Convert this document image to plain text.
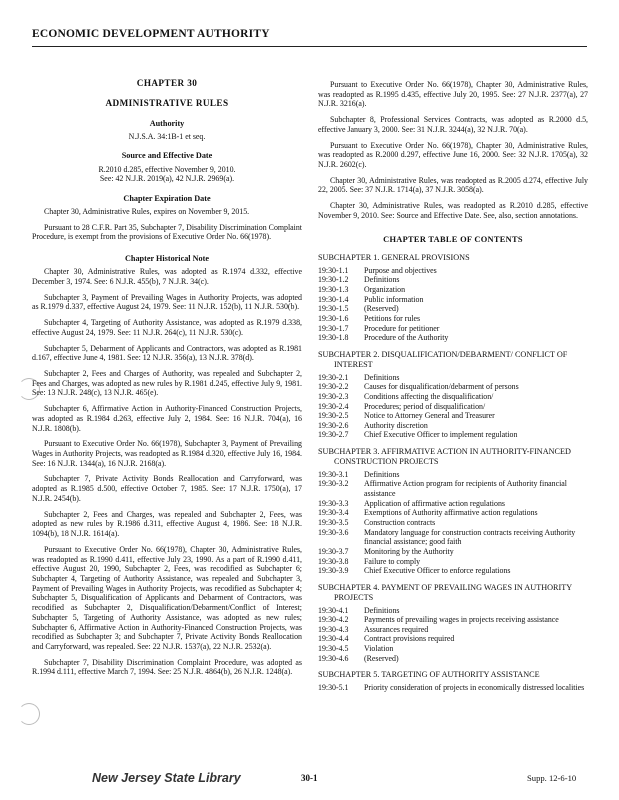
ECONOMIC DEVELOPMENT AUTHORITY
CHAPTER 30
ADMINISTRATIVE RULES
Authority
N.J.S.A. 34:1B-1 et seq.
Source and Effective Date
R.2010 d.285, effective November 9, 2010.
See: 42 N.J.R. 2019(a), 42 N.J.R. 2969(a).
Chapter Expiration Date

Chapter 30, Administrative Rules, expires on November 9, 2015.

Pursuant to 28 C.F.R. Part 35, Subchapter 7, Disability Discrimination Complaint Procedure, is exempt from the provisions of Executive Order No. 66(1978).

Chapter Historical Note

Chapter 30, Administrative Rules, was adopted as R.1974 d.332, effective December 3, 1974. See: 6 N.J.R. 455(b), 7 N.J.R. 34(c).

Subchapter 3, Payment of Prevailing Wages in Authority Projects, was adopted as R.1979 d.337, effective August 24, 1979. See: 11 N.J.R. 152(b), 11 N.J.R. 530(b).

Subchapter 4, Targeting of Authority Assistance, was adopted as R.1979 d.338, effective August 24, 1979. See: 11 N.J.R. 264(c), 11 N.J.R. 530(c).

Subchapter 5, Debarment of Applicants and Contractors, was adopted as R.1981 d.167, effective June 4, 1981. See: 12 N.J.R. 356(a), 13 N.J.R. 378(d).

Subchapter 2, Fees and Charges of Authority, was repealed and Subchapter 2, Fees and Charges, was adopted as new rules by R.1981 d.245, effective July 9, 1981. See: 13 N.J.R. 248(c), 13 N.J.R. 465(e).

Subchapter 6, Affirmative Action in Authority-Financed Construction Projects, was adopted as R.1984 d.263, effective July 2, 1984. See: 16 N.J.R. 704(a), 16 N.J.R. 1808(b).

Pursuant to Executive Order No. 66(1978), Subchapter 3, Payment of Prevailing Wages in Authority Projects, was readopted as R.1984 d.320, effective July 16, 1984. See: 16 N.J.R. 1344(a), 16 N.J.R. 2168(a).

Subchapter 7, Private Activity Bonds Reallocation and Carryforward, was adopted as R.1985 d.500, effective October 7, 1985. See: 17 N.J.R. 1750(a), 17 N.J.R. 2454(b).

Subchapter 2, Fees and Charges, was repealed and Subchapter 2, Fees, was adopted as new rules by R.1986 d.311, effective August 4, 1986. See: 18 N.J.R. 1094(b), 18 N.J.R. 1614(a).

Pursuant to Executive Order No. 66(1978), Chapter 30, Administrative Rules, was readopted as R.1990 d.411, effective July 23, 1990. As a part of R.1990 d.411, effective August 20, 1990, Subchapter 2, Fees, was recodified as Subchapter 6; Subchapter 4, Targeting of Authority Assistance, was repealed and Subchapter 3, Payment of Prevailing Wages in Authority Projects, was recodified as Subchapter 4; Subchapter 5, Disqualification of Applicants and Debarment of Contractors, was recodified as Subchapter 2, Disqualification/Debarment/Conflict of Interest; Subchapter 5, Targeting of Authority Assistance, was adopted as new rules; Subchapter 6, Affirmative Action in Authority-Financed Construction Projects, was recodified as Subchapter 3; and Subchapter 7, Private Activity Bonds Reallocation and Carryforward, was repealed. See: 22 N.J.R. 1537(a), 22 N.J.R. 2532(a).

Subchapter 7, Disability Discrimination Complaint Procedure, was adopted as R.1994 d.111, effective March 7, 1994. See: 25 N.J.R. 4864(b), 26 N.J.R. 1248(a).

Pursuant to Executive Order No. 66(1978), Chapter 30, Administrative Rules, was readopted as R.1995 d.435, effective July 20, 1995. See: 27 N.J.R. 2377(a), 27 N.J.R. 3216(a).

Subchapter 8, Professional Services Contracts, was adopted as R.2000 d.5, effective January 3, 2000. See: 31 N.J.R. 3244(a), 32 N.J.R. 70(a).

Pursuant to Executive Order No. 66(1978), Chapter 30, Administrative Rules, was readopted as R.2000 d.297, effective June 16, 2000. See: 32 N.J.R. 1705(a), 32 N.J.R. 2602(c).

Chapter 30, Administrative Rules, was readopted as R.2005 d.274, effective July 22, 2005. See: 37 N.J.R. 1714(a), 37 N.J.R. 3058(a).

Chapter 30, Administrative Rules, was readopted as R.2010 d.285, effective November 9, 2010. See: Source and Effective Date. See, also, section annotations.

CHAPTER TABLE OF CONTENTS
SUBCHAPTER 1. GENERAL PROVISIONS
19:30-1.1	Purpose and objectives
19:30-1.2	Definitions
19:30-1.3	Organization
19:30-1.4	Public information
19:30-1.5	(Reserved)
19:30-1.6	Petitions for rules
19:30-1.7	Procedure for petitioner
19:30-1.8	Procedure of the Authority
SUBCHAPTER 2. DISQUALIFICATION/DEBARMENT/ CONFLICT OF INTEREST
19:30-2.1	Definitions
19:30-2.2	Causes for disqualification/debarment of persons
19:30-2.3	Conditions affecting the disqualification/
19:30-2.4	Procedures; period of disqualification/
19:30-2.5	Notice to Attorney General and Treasurer
19:30-2.6	Authority discretion
19:30-2.7	Chief Executive Officer to implement regulation
SUBCHAPTER 3. AFFIRMATIVE ACTION IN AUTHORITY-FINANCED CONSTRUCTION PROJECTS
19:30-3.1	Definitions
19:30-3.2	Affirmative Action program for recipients of Authority financial assistance
19:30-3.3	Application of affirmative action regulations
19:30-3.4	Exemptions of Authority affirmative action regulations
19:30-3.5	Construction contracts
19:30-3.6	Mandatory language for construction contracts receiving Authority financial assistance; good faith
19:30-3.7	Monitoring by the Authority
19:30-3.8	Failure to comply
19:30-3.9	Chief Executive Officer to enforce regulations
SUBCHAPTER 4. PAYMENT OF PREVAILING WAGES IN AUTHORITY PROJECTS
19:30-4.1	Definitions
19:30-4.2	Payments of prevailing wages in projects receiving assistance
19:30-4.3	Assurances required
19:30-4.4	Contract provisions required
19:30-4.5	Violation
19:30-4.6	(Reserved)
SUBCHAPTER 5. TARGETING OF AUTHORITY ASSISTANCE
19:30-5.1	Priority consideration of projects in economically distressed localities
New Jersey State Library	30-1	Supp. 12-6-10
